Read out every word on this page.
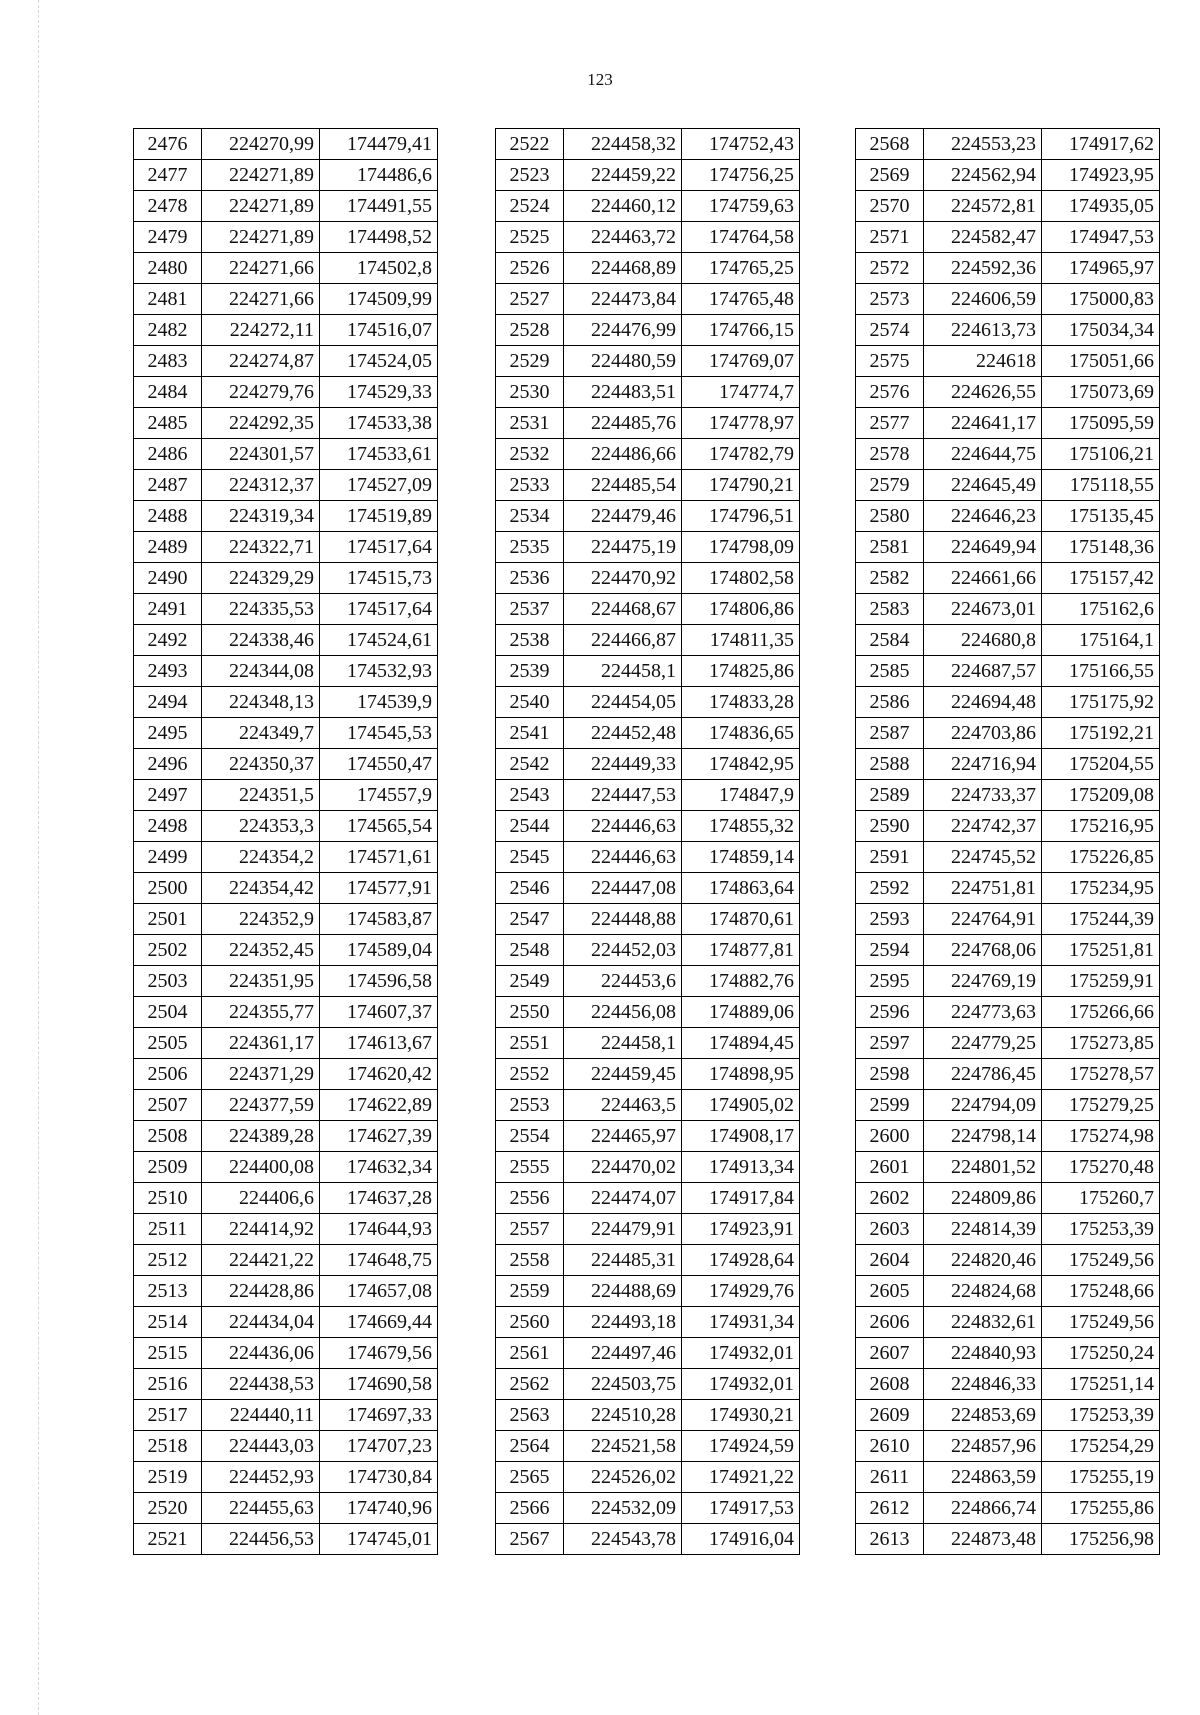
123
2476	224270,99	174479,41
2477	224271,89	174486,6
2478	224271,89	174491,55
2479	224271,89	174498,52
2480	224271,66	174502,8
2481	224271,66	174509,99
2482	224272,11	174516,07
2483	224274,87	174524,05
2484	224279,76	174529,33
2485	224292,35	174533,38
2486	224301,57	174533,61
2487	224312,37	174527,09
2488	224319,34	174519,89
2489	224322,71	174517,64
2490	224329,29	174515,73
2491	224335,53	174517,64
2492	224338,46	174524,61
2493	224344,08	174532,93
2494	224348,13	174539,9
2495	224349,7	174545,53
2496	224350,37	174550,47
2497	224351,5	174557,9
2498	224353,3	174565,54
2499	224354,2	174571,61
2500	224354,42	174577,91
2501	224352,9	174583,87
2502	224352,45	174589,04
2503	224351,95	174596,58
2504	224355,77	174607,37
2505	224361,17	174613,67
2506	224371,29	174620,42
2507	224377,59	174622,89
2508	224389,28	174627,39
2509	224400,08	174632,34
2510	224406,6	174637,28
2511	224414,92	174644,93
2512	224421,22	174648,75
2513	224428,86	174657,08
2514	224434,04	174669,44
2515	224436,06	174679,56
2516	224438,53	174690,58
2517	224440,11	174697,33
2518	224443,03	174707,23
2519	224452,93	174730,84
2520	224455,63	174740,96
2521	224456,53	174745,01
2522	224458,32	174752,43
2523	224459,22	174756,25
2524	224460,12	174759,63
2525	224463,72	174764,58
2526	224468,89	174765,25
2527	224473,84	174765,48
2528	224476,99	174766,15
2529	224480,59	174769,07
2530	224483,51	174774,7
2531	224485,76	174778,97
2532	224486,66	174782,79
2533	224485,54	174790,21
2534	224479,46	174796,51
2535	224475,19	174798,09
2536	224470,92	174802,58
2537	224468,67	174806,86
2538	224466,87	174811,35
2539	224458,1	174825,86
2540	224454,05	174833,28
2541	224452,48	174836,65
2542	224449,33	174842,95
2543	224447,53	174847,9
2544	224446,63	174855,32
2545	224446,63	174859,14
2546	224447,08	174863,64
2547	224448,88	174870,61
2548	224452,03	174877,81
2549	224453,6	174882,76
2550	224456,08	174889,06
2551	224458,1	174894,45
2552	224459,45	174898,95
2553	224463,5	174905,02
2554	224465,97	174908,17
2555	224470,02	174913,34
2556	224474,07	174917,84
2557	224479,91	174923,91
2558	224485,31	174928,64
2559	224488,69	174929,76
2560	224493,18	174931,34
2561	224497,46	174932,01
2562	224503,75	174932,01
2563	224510,28	174930,21
2564	224521,58	174924,59
2565	224526,02	174921,22
2566	224532,09	174917,53
2567	224543,78	174916,04
2568	224553,23	174917,62
2569	224562,94	174923,95
2570	224572,81	174935,05
2571	224582,47	174947,53
2572	224592,36	174965,97
2573	224606,59	175000,83
2574	224613,73	175034,34
2575	224618	175051,66
2576	224626,55	175073,69
2577	224641,17	175095,59
2578	224644,75	175106,21
2579	224645,49	175118,55
2580	224646,23	175135,45
2581	224649,94	175148,36
2582	224661,66	175157,42
2583	224673,01	175162,6
2584	224680,8	175164,1
2585	224687,57	175166,55
2586	224694,48	175175,92
2587	224703,86	175192,21
2588	224716,94	175204,55
2589	224733,37	175209,08
2590	224742,37	175216,95
2591	224745,52	175226,85
2592	224751,81	175234,95
2593	224764,91	175244,39
2594	224768,06	175251,81
2595	224769,19	175259,91
2596	224773,63	175266,66
2597	224779,25	175273,85
2598	224786,45	175278,57
2599	224794,09	175279,25
2600	224798,14	175274,98
2601	224801,52	175270,48
2602	224809,86	175260,7
2603	224814,39	175253,39
2604	224820,46	175249,56
2605	224824,68	175248,66
2606	224832,61	175249,56
2607	224840,93	175250,24
2608	224846,33	175251,14
2609	224853,69	175253,39
2610	224857,96	175254,29
2611	224863,59	175255,19
2612	224866,74	175255,86
2613	224873,48	175256,98
